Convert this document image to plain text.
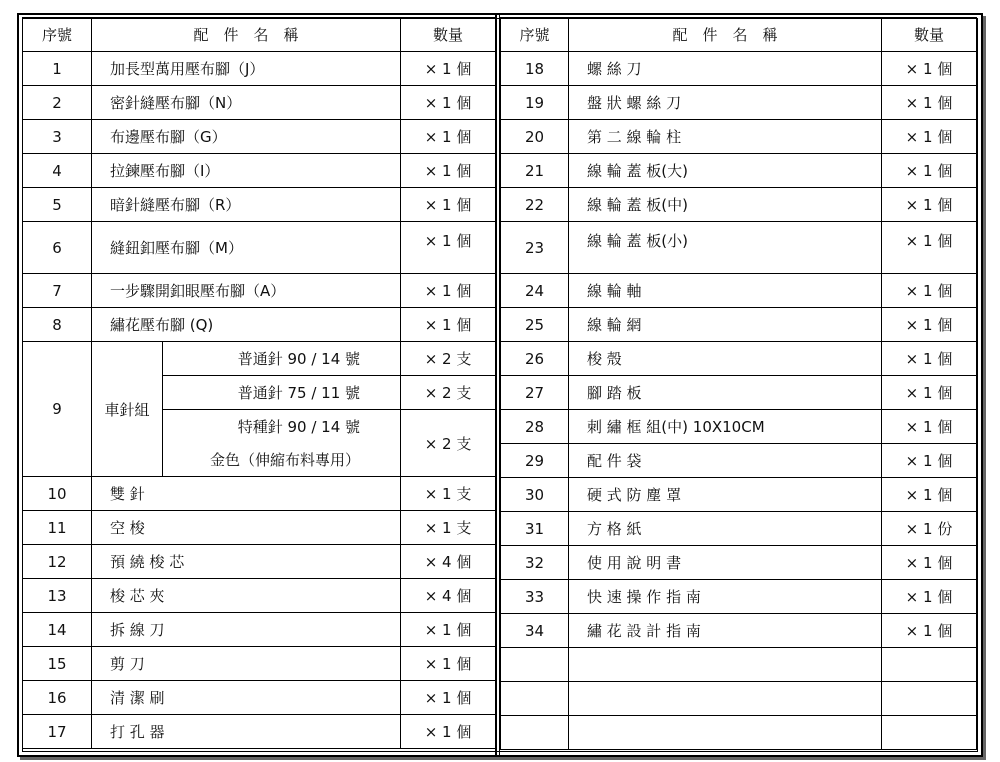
序號	配　件　名　稱		數量
1	加長型萬用壓布腳（J）		× 1 個
2	密針縫壓布腳（N）		× 1 個
3	布邊壓布腳（G）		× 1 個
4	拉鍊壓布腳（I）		× 1 個
5	暗針縫壓布腳（R）		× 1 個
6	縫鈕釦壓布腳（M）		× 1 個
7	一步驟開釦眼壓布腳（A）		× 1 個
8	繡花壓布腳 (Q)		× 1 個
9	車針組	普通針 90 / 14 號	× 2 支
		普通針 75 / 11 號	× 2 支
		特種針 90 / 14 號	× 2 支
		金色（伸縮布料專用）	
10	雙 針		× 1 支
11	空 梭		× 1 支
12	預 繞 梭 芯		× 4 個
13	梭 芯 夾		× 4 個
14	拆 線 刀		× 1 個
15	剪 刀		× 1 個
16	清 潔 刷		× 1 個
17	打 孔 器		× 1 個
序號	配　件　名　稱	數量
18	螺 絲 刀	× 1 個
19	盤 狀 螺 絲 刀	× 1 個
20	第 二 線 輪 柱	× 1 個
21	線 輪 蓋 板(大)	× 1 個
22	線 輪 蓋 板(中)	× 1 個
23	線 輪 蓋 板(小)	× 1 個
24	線 輪 軸	× 1 個
25	線 輪 網	× 1 個
26	梭 殼	× 1 個
27	腳 踏 板	× 1 個
28	刺 繡 框 組(中) 10X10CM	× 1 個
29	配 件 袋	× 1 個
30	硬 式 防 塵 罩	× 1 個
31	方 格 紙	× 1 份
32	使 用 說 明 書	× 1 個
33	快 速 操 作 指 南	× 1 個
34	繡 花 設 計 指 南	× 1 個
